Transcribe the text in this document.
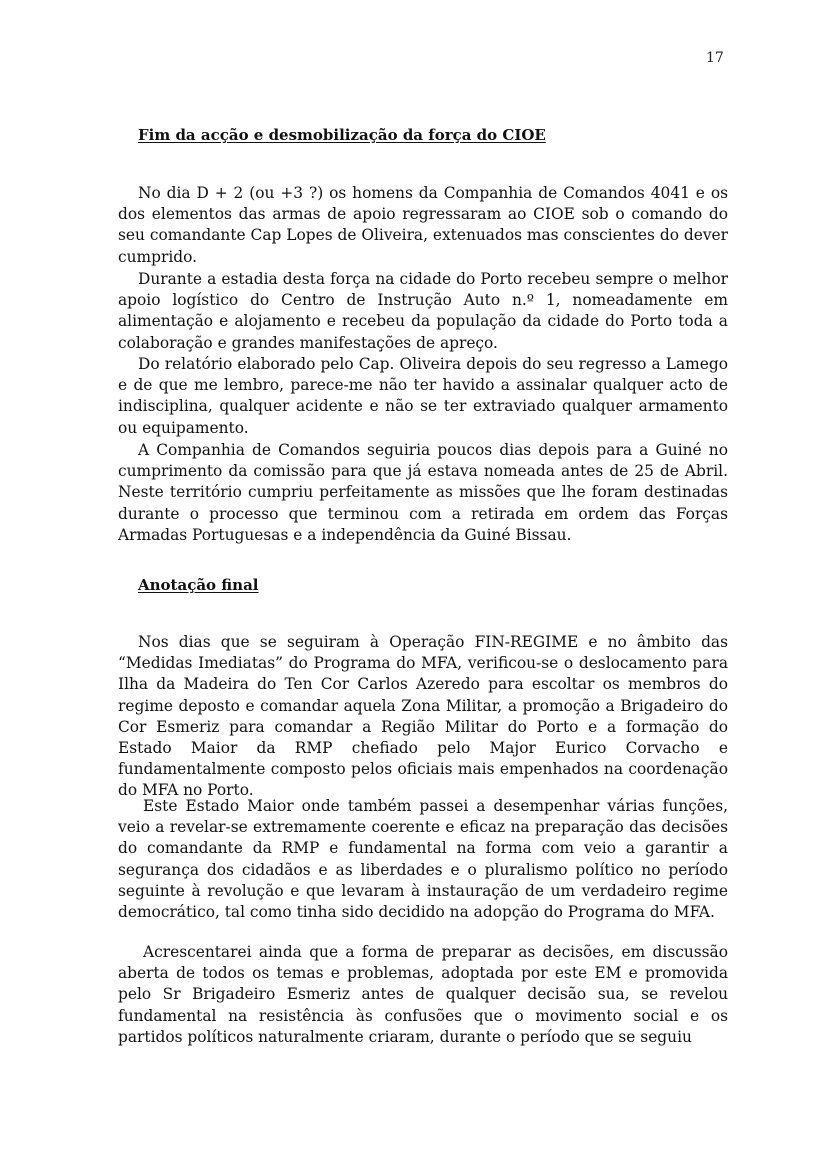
17
Fim da acção e desmobilização da força do CIOE

No dia D + 2 (ou +3 ?) os homens da Companhia de Comandos 4041 e os dos elementos das armas de apoio regressaram ao CIOE sob o comando do seu comandante Cap Lopes de Oliveira, extenuados mas conscientes do dever cumprido.

Durante a estadia desta força na cidade do Porto recebeu sempre o melhor apoio logístico do Centro de Instrução Auto n.º 1, nomeadamente em alimentação e alojamento e recebeu da população da cidade do Porto toda a colaboração e grandes manifestações de apreço.

Do relatório elaborado pelo Cap. Oliveira depois do seu regresso a Lamego e de que me lembro, parece-me não ter havido a assinalar qualquer acto de indisciplina, qualquer acidente e não se ter extraviado qualquer armamento ou equipamento.

A Companhia de Comandos seguiria poucos dias depois para a Guiné no cumprimento da comissão para que já estava nomeada antes de 25 de Abril. Neste território cumpriu perfeitamente as missões que lhe foram destinadas durante o processo que terminou com a retirada em ordem das Forças Armadas Portuguesas e a independência da Guiné Bissau.

Anotação final

Nos dias que se seguiram à Operação FIN-REGIME e no âmbito das “Medidas Imediatas” do Programa do MFA, verificou-se o deslocamento para Ilha da Madeira do Ten Cor Carlos Azeredo para escoltar os membros do regime deposto e comandar aquela Zona Militar, a promoção a Brigadeiro do Cor Esmeriz para comandar a Região Militar do Porto e a formação do Estado Maior da RMP chefiado pelo Major Eurico Corvacho e fundamentalmente composto pelos oficiais mais empenhados na coordenação do MFA no Porto.

Este Estado Maior onde também passei a desempenhar várias funções, veio a revelar-se extremamente coerente e eficaz na preparação das decisões do comandante da RMP e fundamental na forma com veio a garantir a segurança dos cidadãos e as liberdades e o pluralismo político no período seguinte à revolução e que levaram à instauração de um verdadeiro regime democrático, tal como tinha sido decidido na adopção do Programa do MFA.

Acrescentarei ainda que a forma de preparar as decisões, em discussão aberta de todos os temas e problemas, adoptada por este EM e promovida pelo Sr Brigadeiro Esmeriz antes de qualquer decisão sua, se revelou fundamental na resistência às confusões que o movimento social e os partidos políticos naturalmente criaram, durante o período que se seguiu
